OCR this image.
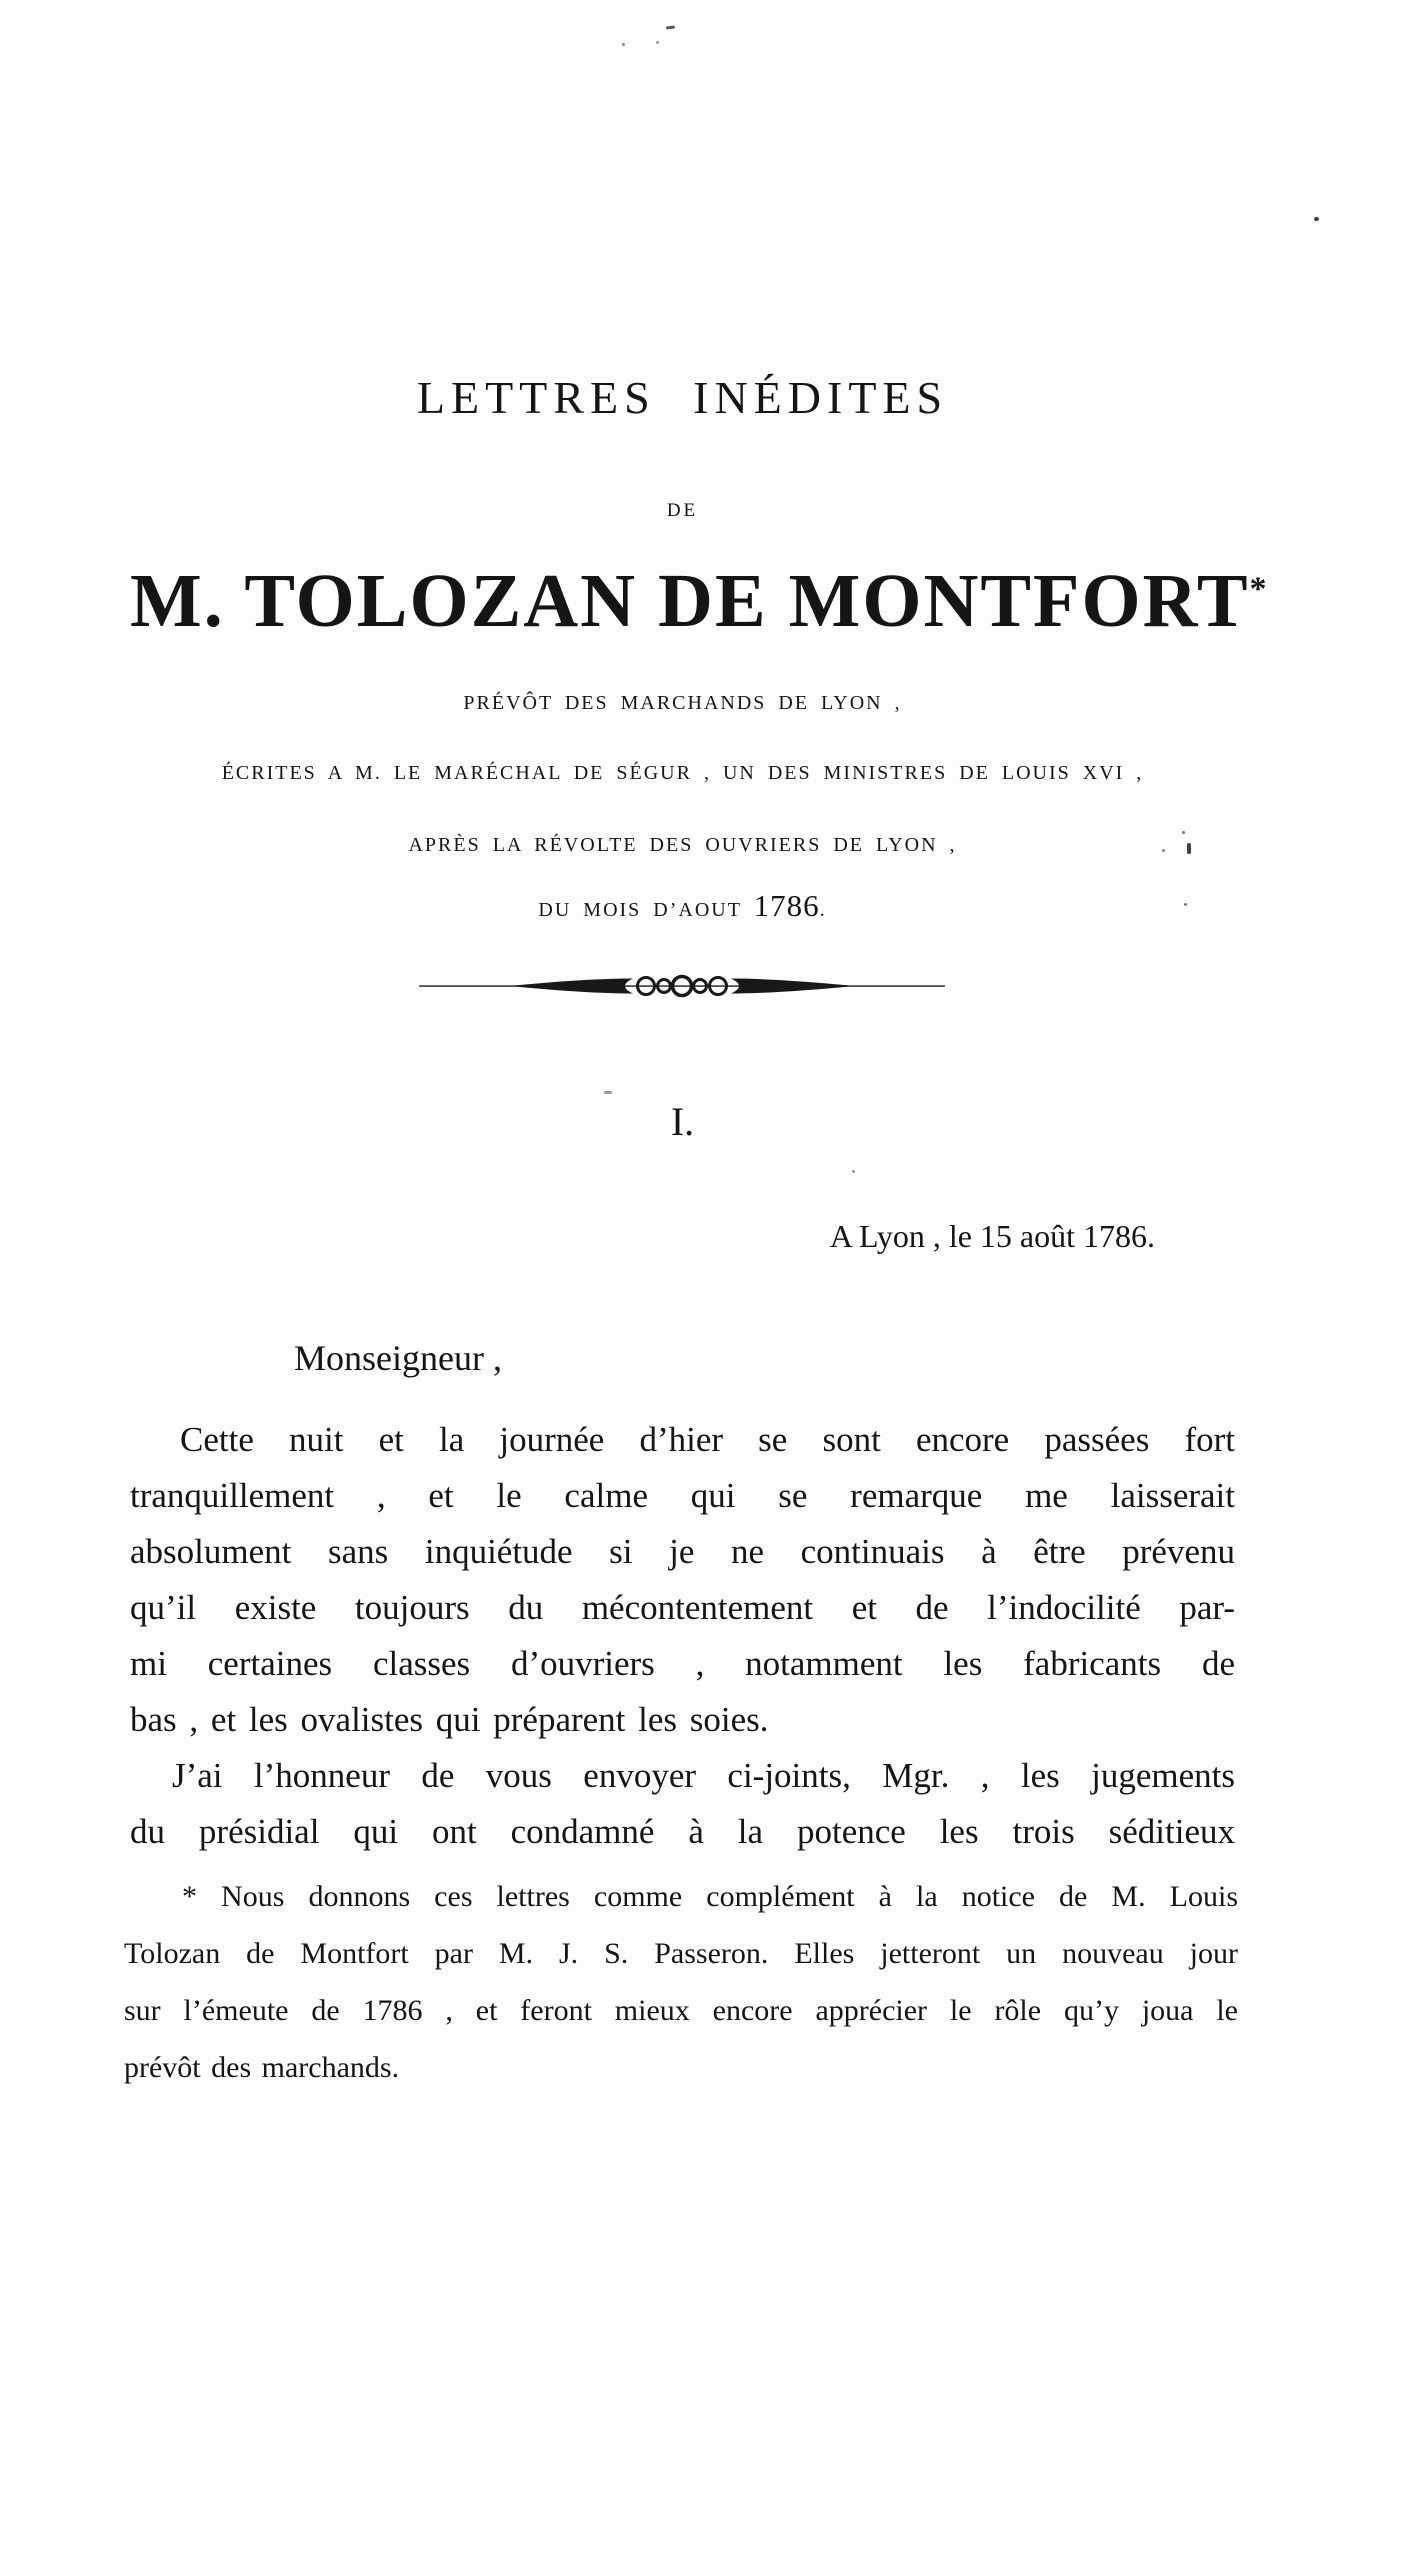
LETTRES INÉDITES
DE
M. TOLOZAN DE MONTFORT*
PRÉVÔT DES MARCHANDS DE LYON ,
ÉCRITES A M. LE MARÉCHAL DE SÉGUR , UN DES MINISTRES DE LOUIS XVI ,
APRÈS LA RÉVOLTE DES OUVRIERS DE LYON ,
DU MOIS D’AOUT 1786.
I.
A Lyon , le 15 août 1786.
Monseigneur ,
Cette nuit et la journée d’hier se sont encore passées fort
tranquillement , et le calme qui se remarque me laisserait
absolument sans inquiétude si je ne continuais à être prévenu
qu’il existe toujours du mécontentement et de l’indocilité par-
mi certaines classes d’ouvriers , notamment les fabricants de
bas , et les ovalistes qui préparent les soies.
J’ai l’honneur de vous envoyer ci-joints, Mgr. , les jugements
du présidial qui ont condamné à la potence les trois séditieux
* Nous donnons ces lettres comme complément à la notice de M. Louis
Tolozan de Montfort par M. J. S. Passeron. Elles jetteront un nouveau jour
sur l’émeute de 1786 , et feront mieux encore apprécier le rôle qu’y joua le
prévôt des marchands.
